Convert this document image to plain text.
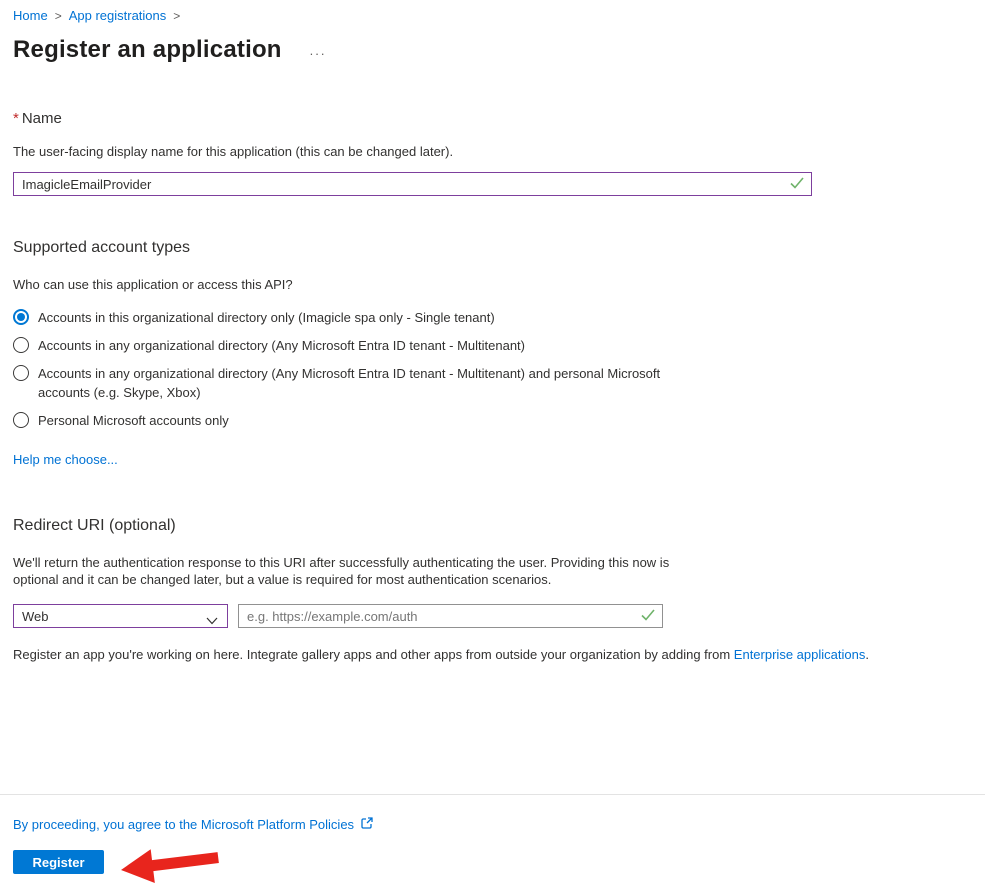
Home > App registrations >
Register an application ...
* Name
The user-facing display name for this application (this can be changed later).
ImagicleEmailProvider
Supported account types
Who can use this application or access this API?
Accounts in this organizational directory only (Imagicle spa only - Single tenant)
Accounts in any organizational directory (Any Microsoft Entra ID tenant - Multitenant)
Accounts in any organizational directory (Any Microsoft Entra ID tenant - Multitenant) and personal Microsoft accounts (e.g. Skype, Xbox)
Personal Microsoft accounts only
Help me choose...
Redirect URI (optional)
We'll return the authentication response to this URI after successfully authenticating the user. Providing this now is optional and it can be changed later, but a value is required for most authentication scenarios.
Web
e.g. https://example.com/auth
Register an app you're working on here. Integrate gallery apps and other apps from outside your organization by adding from Enterprise applications.
By proceeding, you agree to the Microsoft Platform Policies
Register
